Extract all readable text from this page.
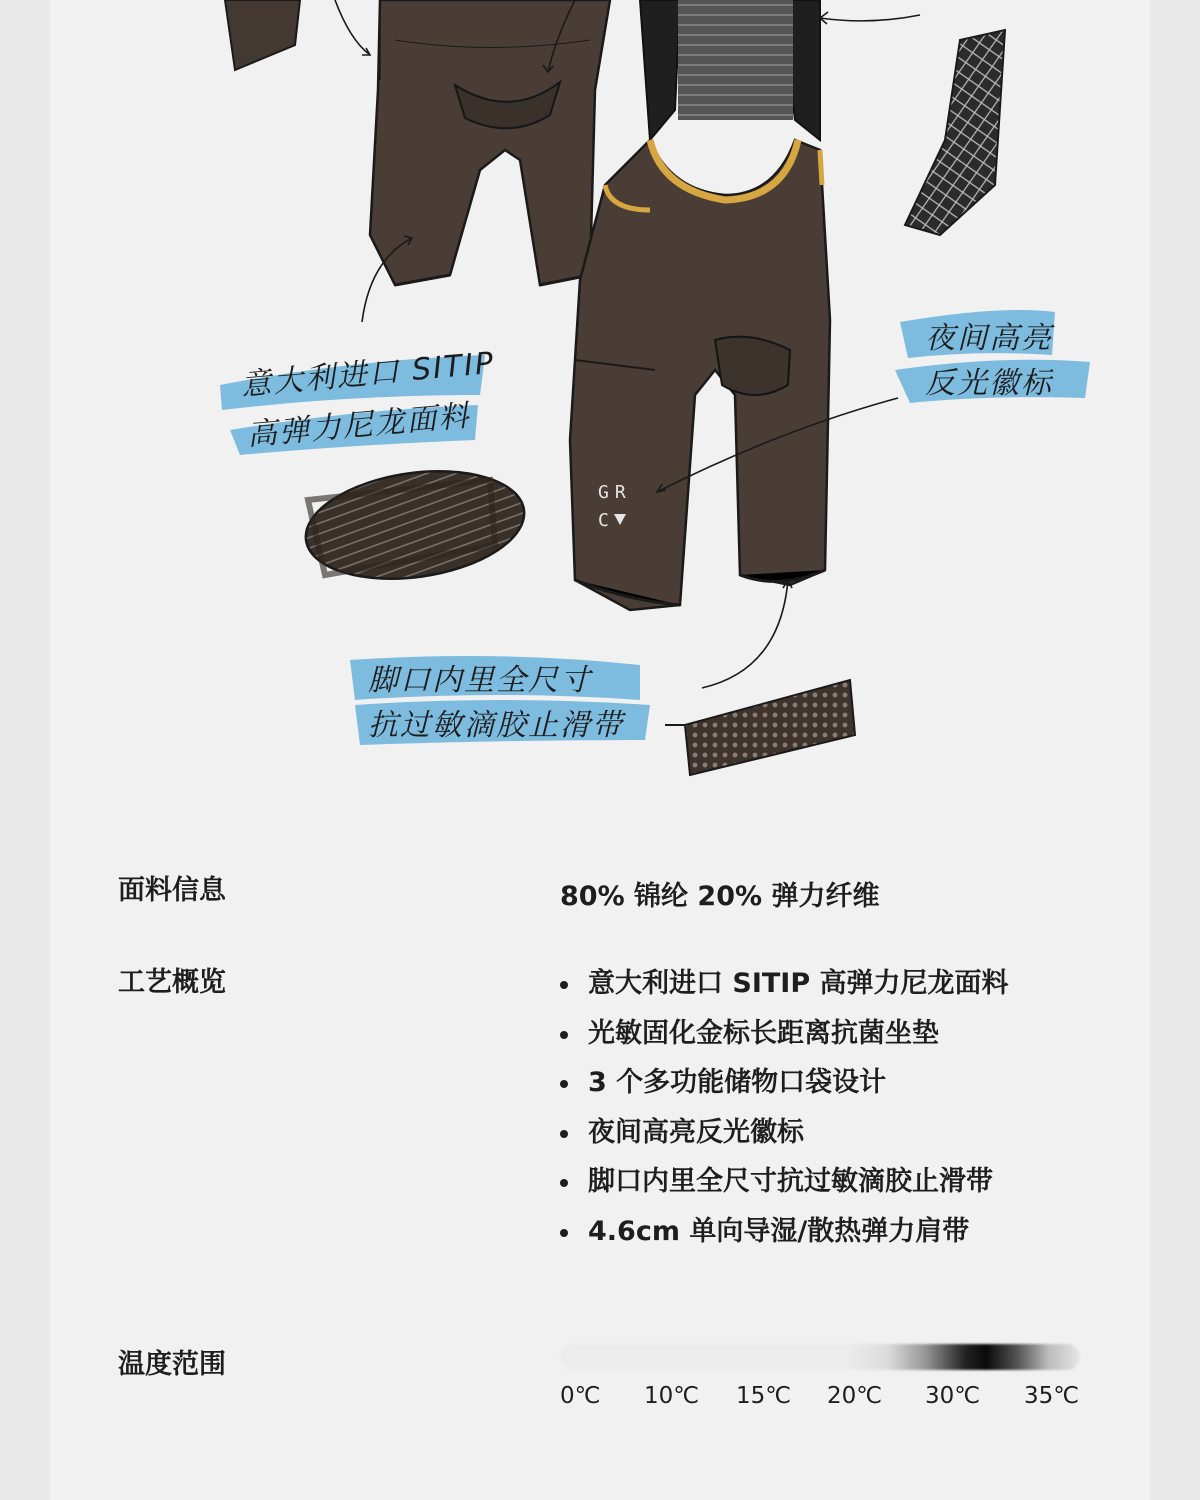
GR
C
意大利进口 SITIP
高弹力尼龙面料
夜间高亮
反光徽标
脚口内里全尺寸
抗过敏滴胶止滑带
面料信息	80% 锦纶 20% 弹力纤维
工艺概览	意大利进口 SITIP 高弹力尼龙面料
光敏固化金标长距离抗菌坐垫
3 个多功能储物口袋设计
夜间高亮反光徽标
脚口内里全尺寸抗过敏滴胶止滑带
4.6cm 单向导湿/散热弹力肩带
温度范围
0℃ 10℃ 15℃ 20℃ 30℃ 35℃
